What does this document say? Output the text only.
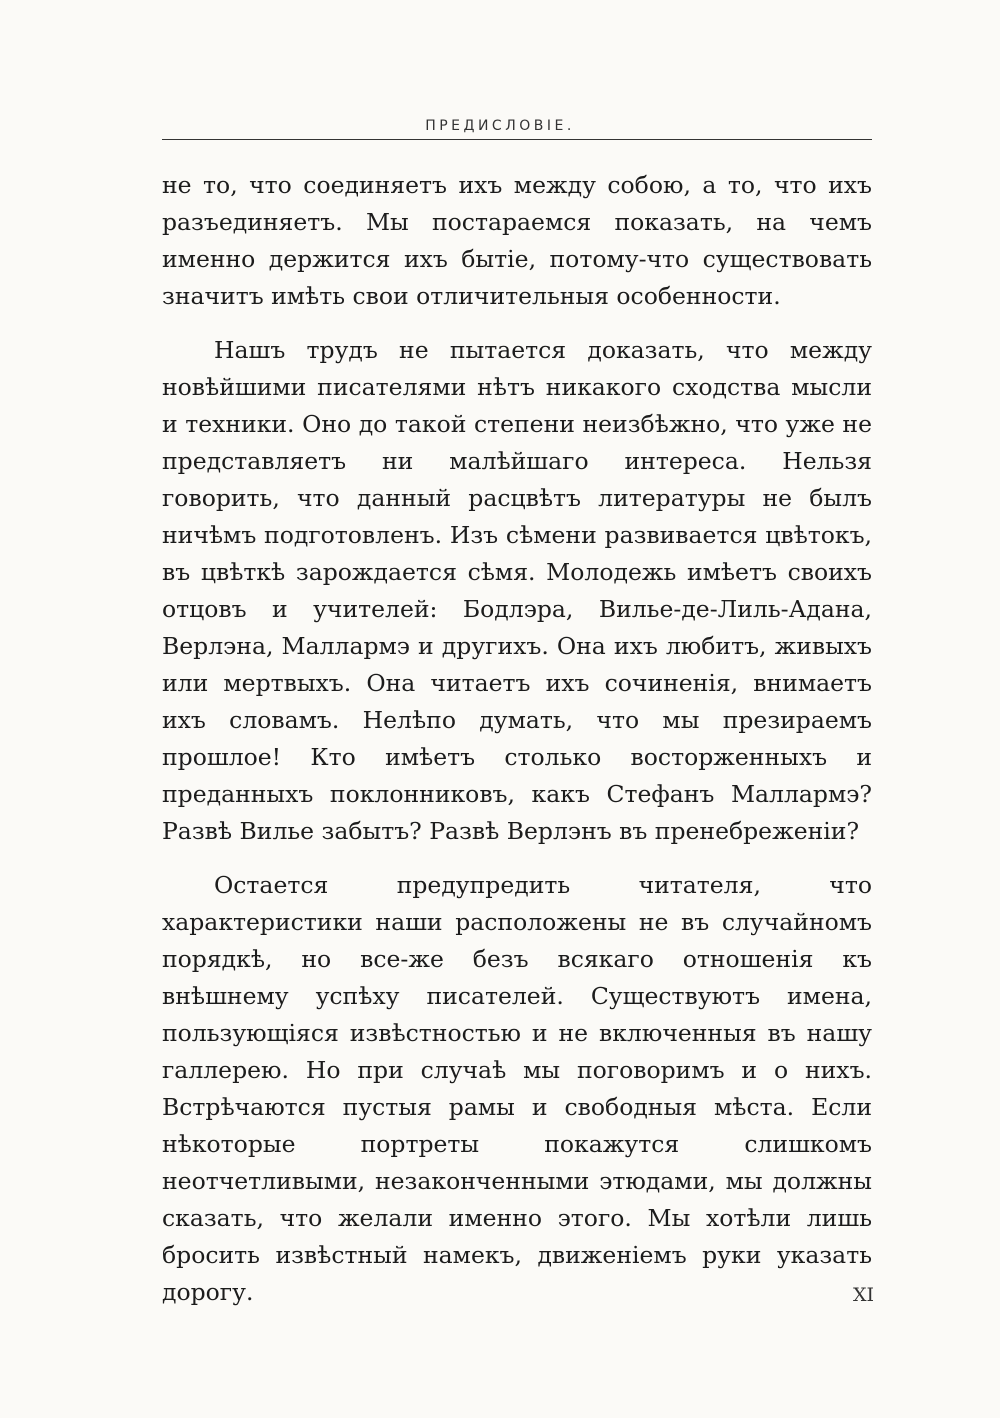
ПРЕДИСЛОВІЕ.

не то, что соединяетъ ихъ между собою, а то, что ихъ разъединяетъ. Мы постараемся показать, на чемъ именно держится ихъ бытіе, потому-что существовать значитъ имѣть свои отличительныя особенности.

Нашъ трудъ не пытается доказать, что между новѣйшими писателями нѣтъ никакого сходства мысли и техники. Оно до такой степени неизбѣжно, что уже не представляетъ ни малѣйшаго интереса. Нельзя говорить, что данный расцвѣтъ литературы не былъ ничѣмъ подготовленъ. Изъ сѣмени развивается цвѣтокъ, въ цвѣткѣ зарождается сѣмя. Молодежь имѣетъ своихъ отцовъ и учителей: Бодлэра, Вилье-де-Лиль-Адана, Верлэна, Маллармэ и другихъ. Она ихъ любитъ, живыхъ или мертвыхъ. Она читаетъ ихъ сочиненія, внимаетъ ихъ словамъ. Нелѣпо думать, что мы презираемъ прошлое! Кто имѣетъ столько восторженныхъ и преданныхъ поклонниковъ, какъ Стефанъ Маллармэ? Развѣ Вилье забытъ? Развѣ Верлэнъ въ пренебреженіи?

Остается предупредить читателя, что характеристики наши расположены не въ случайномъ порядкѣ, но все-же безъ всякаго отношенія къ внѣшнему успѣху писателей. Существуютъ имена, пользующіяся извѣстностью и не включенныя въ нашу галлерею. Но при случаѣ мы поговоримъ и о нихъ. Встрѣчаются пустыя рамы и свободныя мѣста. Если нѣкоторые портреты покажутся слишкомъ неотчетливыми, незаконченными этюдами, мы должны сказать, что желали именно этого. Мы хотѣли лишь бросить извѣстный намекъ, движеніемъ руки указать дорогу.	XI
